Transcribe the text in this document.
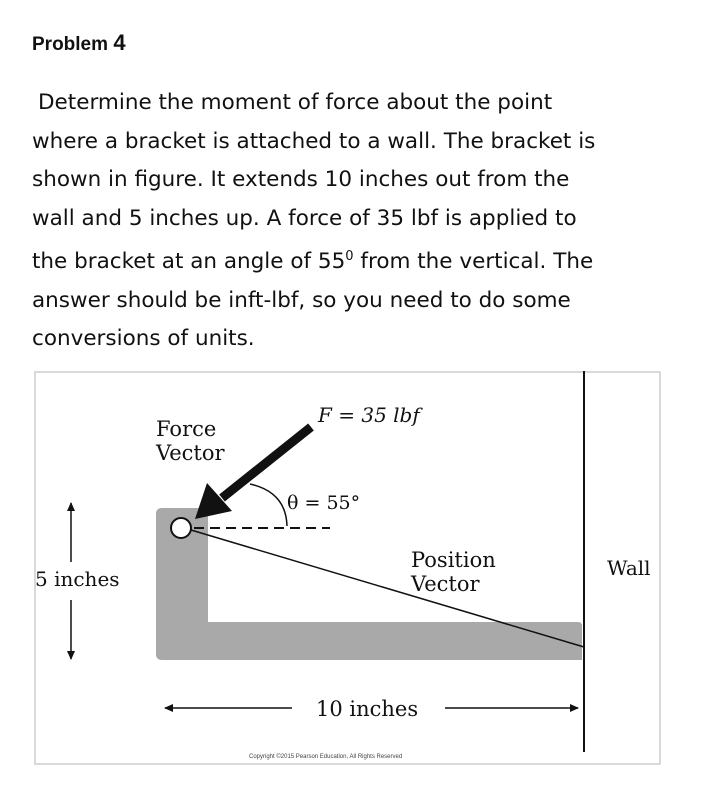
Problem 4
Determine the moment of force about the point
where a bracket is attached to a wall. The bracket is
shown in figure. It extends 10 inches out from the
wall and 5 inches up. A force of 35 lbf is applied to
the bracket at an angle of $55^0$ from the vertical. The
answer should be inft-lbf, so you need to do some
conversions of units.
Force
Vector
F = 35 lbf
θ = 55°
Position
Vector
5 inches
10 inches
Wall
Copyright ©2015 Pearson Education, All Rights Reserved
